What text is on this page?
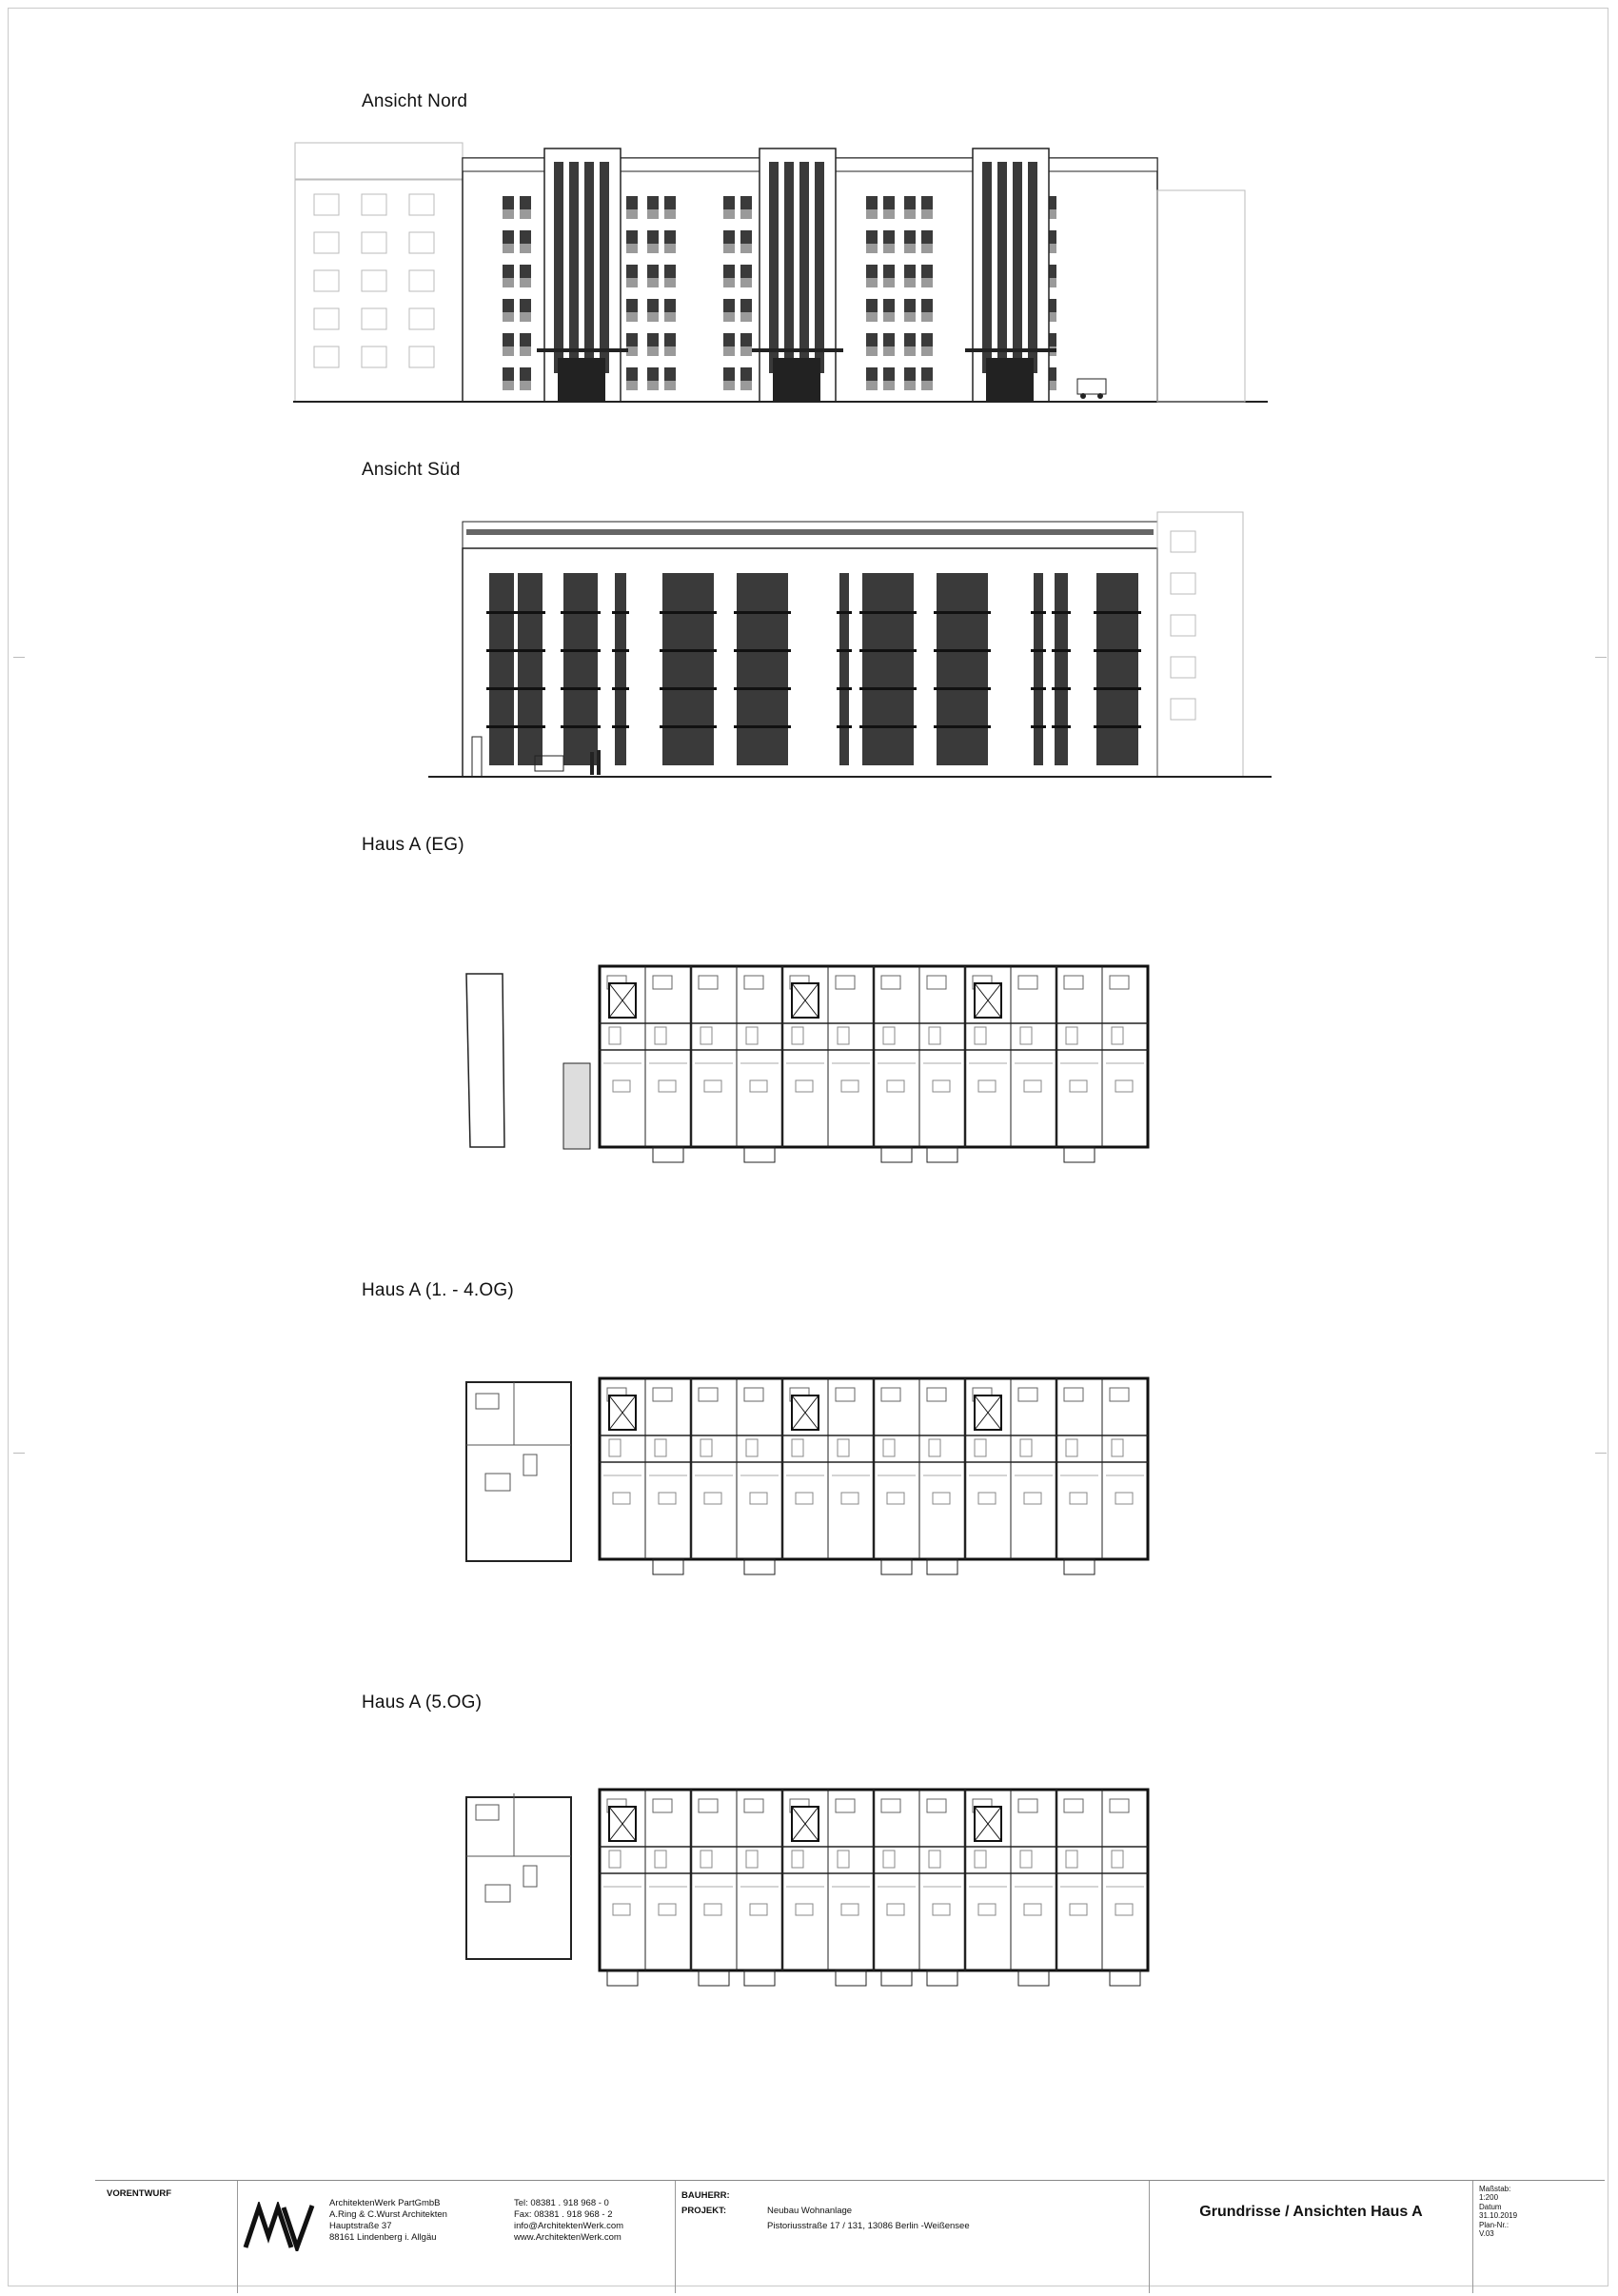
Ansicht Nord
Ansicht Süd
Haus A (EG)
Haus A (1. - 4.OG)
Haus A (5.OG)
VORENTWURF
ArchitektenWerk PartGmbB
A.Ring & C.Wurst Architekten
Hauptstraße 37
88161 Lindenberg i. Allgäu
Tel: 08381 . 918 968 - 0
Fax: 08381 . 918 968 - 2
info@ArchitektenWerk.com
www.ArchitektenWerk.com
BAUHERR:
PROJEKT:	Neubau Wohnanlage
Pistoriusstraße 17 / 131, 13086 Berlin -Weißensee
Grundrisse / Ansichten Haus A
Maßstab:
1:200
Datum
31.10.2019
Plan-Nr.:
V.03
